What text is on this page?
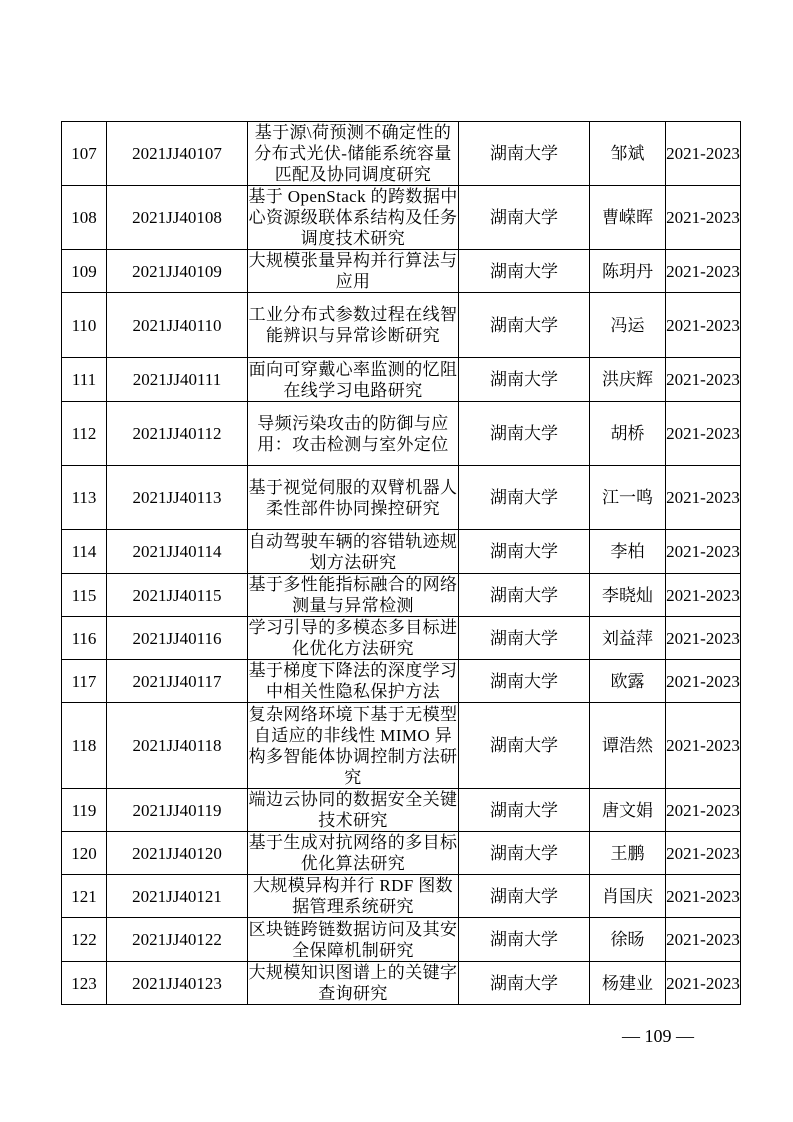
107	2021JJ40107	基于源\荷预测不确定性的分布式光伏-储能系统容量匹配及协同调度研究	湖南大学	邹斌	2021-2023
108	2021JJ40108	基于 OpenStack 的跨数据中心资源级联体系结构及任务调度技术研究	湖南大学	曹嵘晖	2021-2023
109	2021JJ40109	大规模张量异构并行算法与应用	湖南大学	陈玥丹	2021-2023
110	2021JJ40110	工业分布式参数过程在线智能辨识与异常诊断研究	湖南大学	冯运	2021-2023
111	2021JJ40111	面向可穿戴心率监测的忆阻在线学习电路研究	湖南大学	洪庆辉	2021-2023
112	2021JJ40112	导频污染攻击的防御与应用：攻击检测与室外定位	湖南大学	胡桥	2021-2023
113	2021JJ40113	基于视觉伺服的双臂机器人柔性部件协同操控研究	湖南大学	江一鸣	2021-2023
114	2021JJ40114	自动驾驶车辆的容错轨迹规划方法研究	湖南大学	李柏	2021-2023
115	2021JJ40115	基于多性能指标融合的网络测量与异常检测	湖南大学	李晓灿	2021-2023
116	2021JJ40116	学习引导的多模态多目标进化优化方法研究	湖南大学	刘益萍	2021-2023
117	2021JJ40117	基于梯度下降法的深度学习中相关性隐私保护方法	湖南大学	欧露	2021-2023
118	2021JJ40118	复杂网络环境下基于无模型自适应的非线性 MIMO 异构多智能体协调控制方法研究	湖南大学	谭浩然	2021-2023
119	2021JJ40119	端边云协同的数据安全关键技术研究	湖南大学	唐文娟	2021-2023
120	2021JJ40120	基于生成对抗网络的多目标优化算法研究	湖南大学	王鹏	2021-2023
121	2021JJ40121	大规模异构并行 RDF 图数据管理系统研究	湖南大学	肖国庆	2021-2023
122	2021JJ40122	区块链跨链数据访问及其安全保障机制研究	湖南大学	徐旸	2021-2023
123	2021JJ40123	大规模知识图谱上的关键字查询研究	湖南大学	杨建业	2021-2023
— 109 —
